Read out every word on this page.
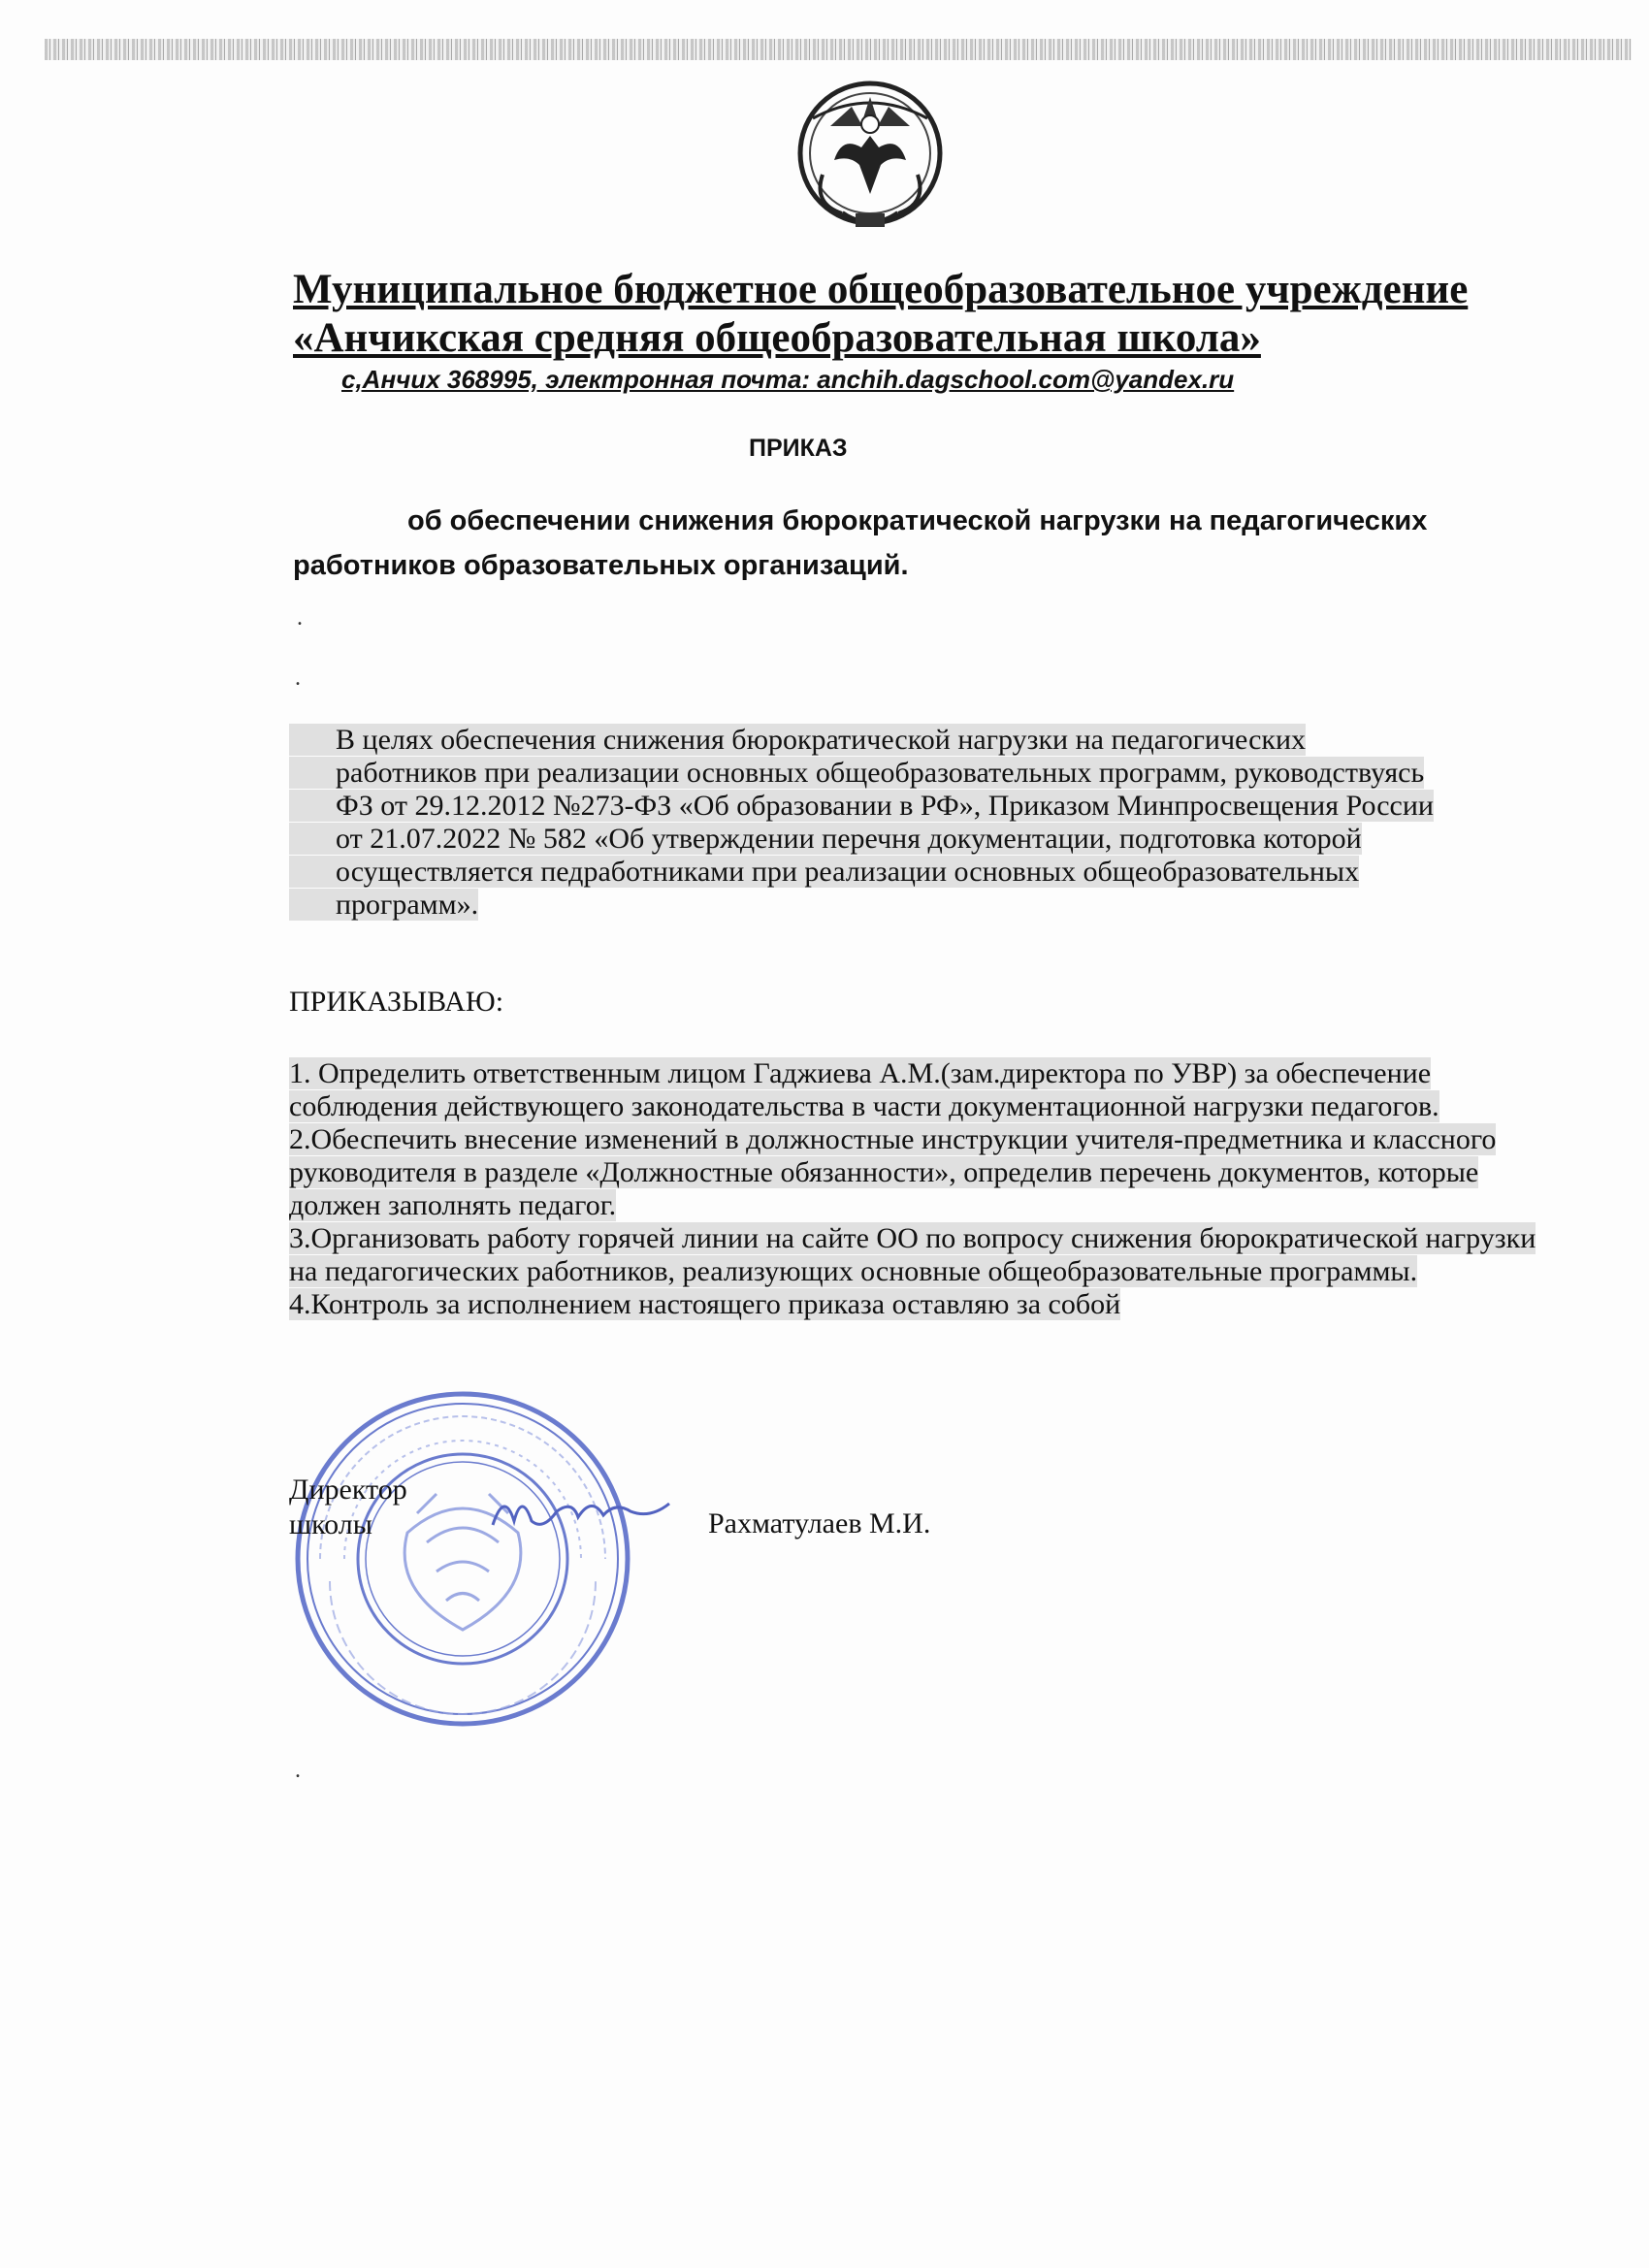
Муниципальное бюджетное общеобразовательное учреждение
«Анчикская средняя общеобразовательная школа»
с,Анчих 368995, электронная почта: anchih.dagschool.com@yandex.ru
ПРИКАЗ
об обеспечении снижения бюрократической нагрузки на педагогических работников образовательных организаций.
.
.
В целях обеспечения снижения бюрократической нагрузки на педагогических
работников при реализации основных общеобразовательных программ, руководствуясь
ФЗ от 29.12.2012 №273-ФЗ «Об образовании в РФ», Приказом Минпросвещения России
от 21.07.2022 № 582 «Об утверждении перечня документации, подготовка которой
осуществляется педработниками при реализации основных общеобразовательных
программ».
ПРИКАЗЫВАЮ:

1. Определить ответственным лицом Гаджиева А.М.(зам.директора по УВР) за обеспечение соблюдения действующего законодательства в части документационной нагрузки педагогов.

2.Обеспечить внесение изменений в должностные инструкции учителя-предметника и классного руководителя в разделе «Должностные обязанности», определив перечень документов, которые должен заполнять педагог.

3.Организовать работу горячей линии на сайте ОО по вопросу снижения бюрократической нагрузки на педагогических работников, реализующих основные общеобразовательные программы.

4.Контроль за исполнением настоящего приказа оставляю за собой

Директор
школы	Рахматулаев М.И.
.
